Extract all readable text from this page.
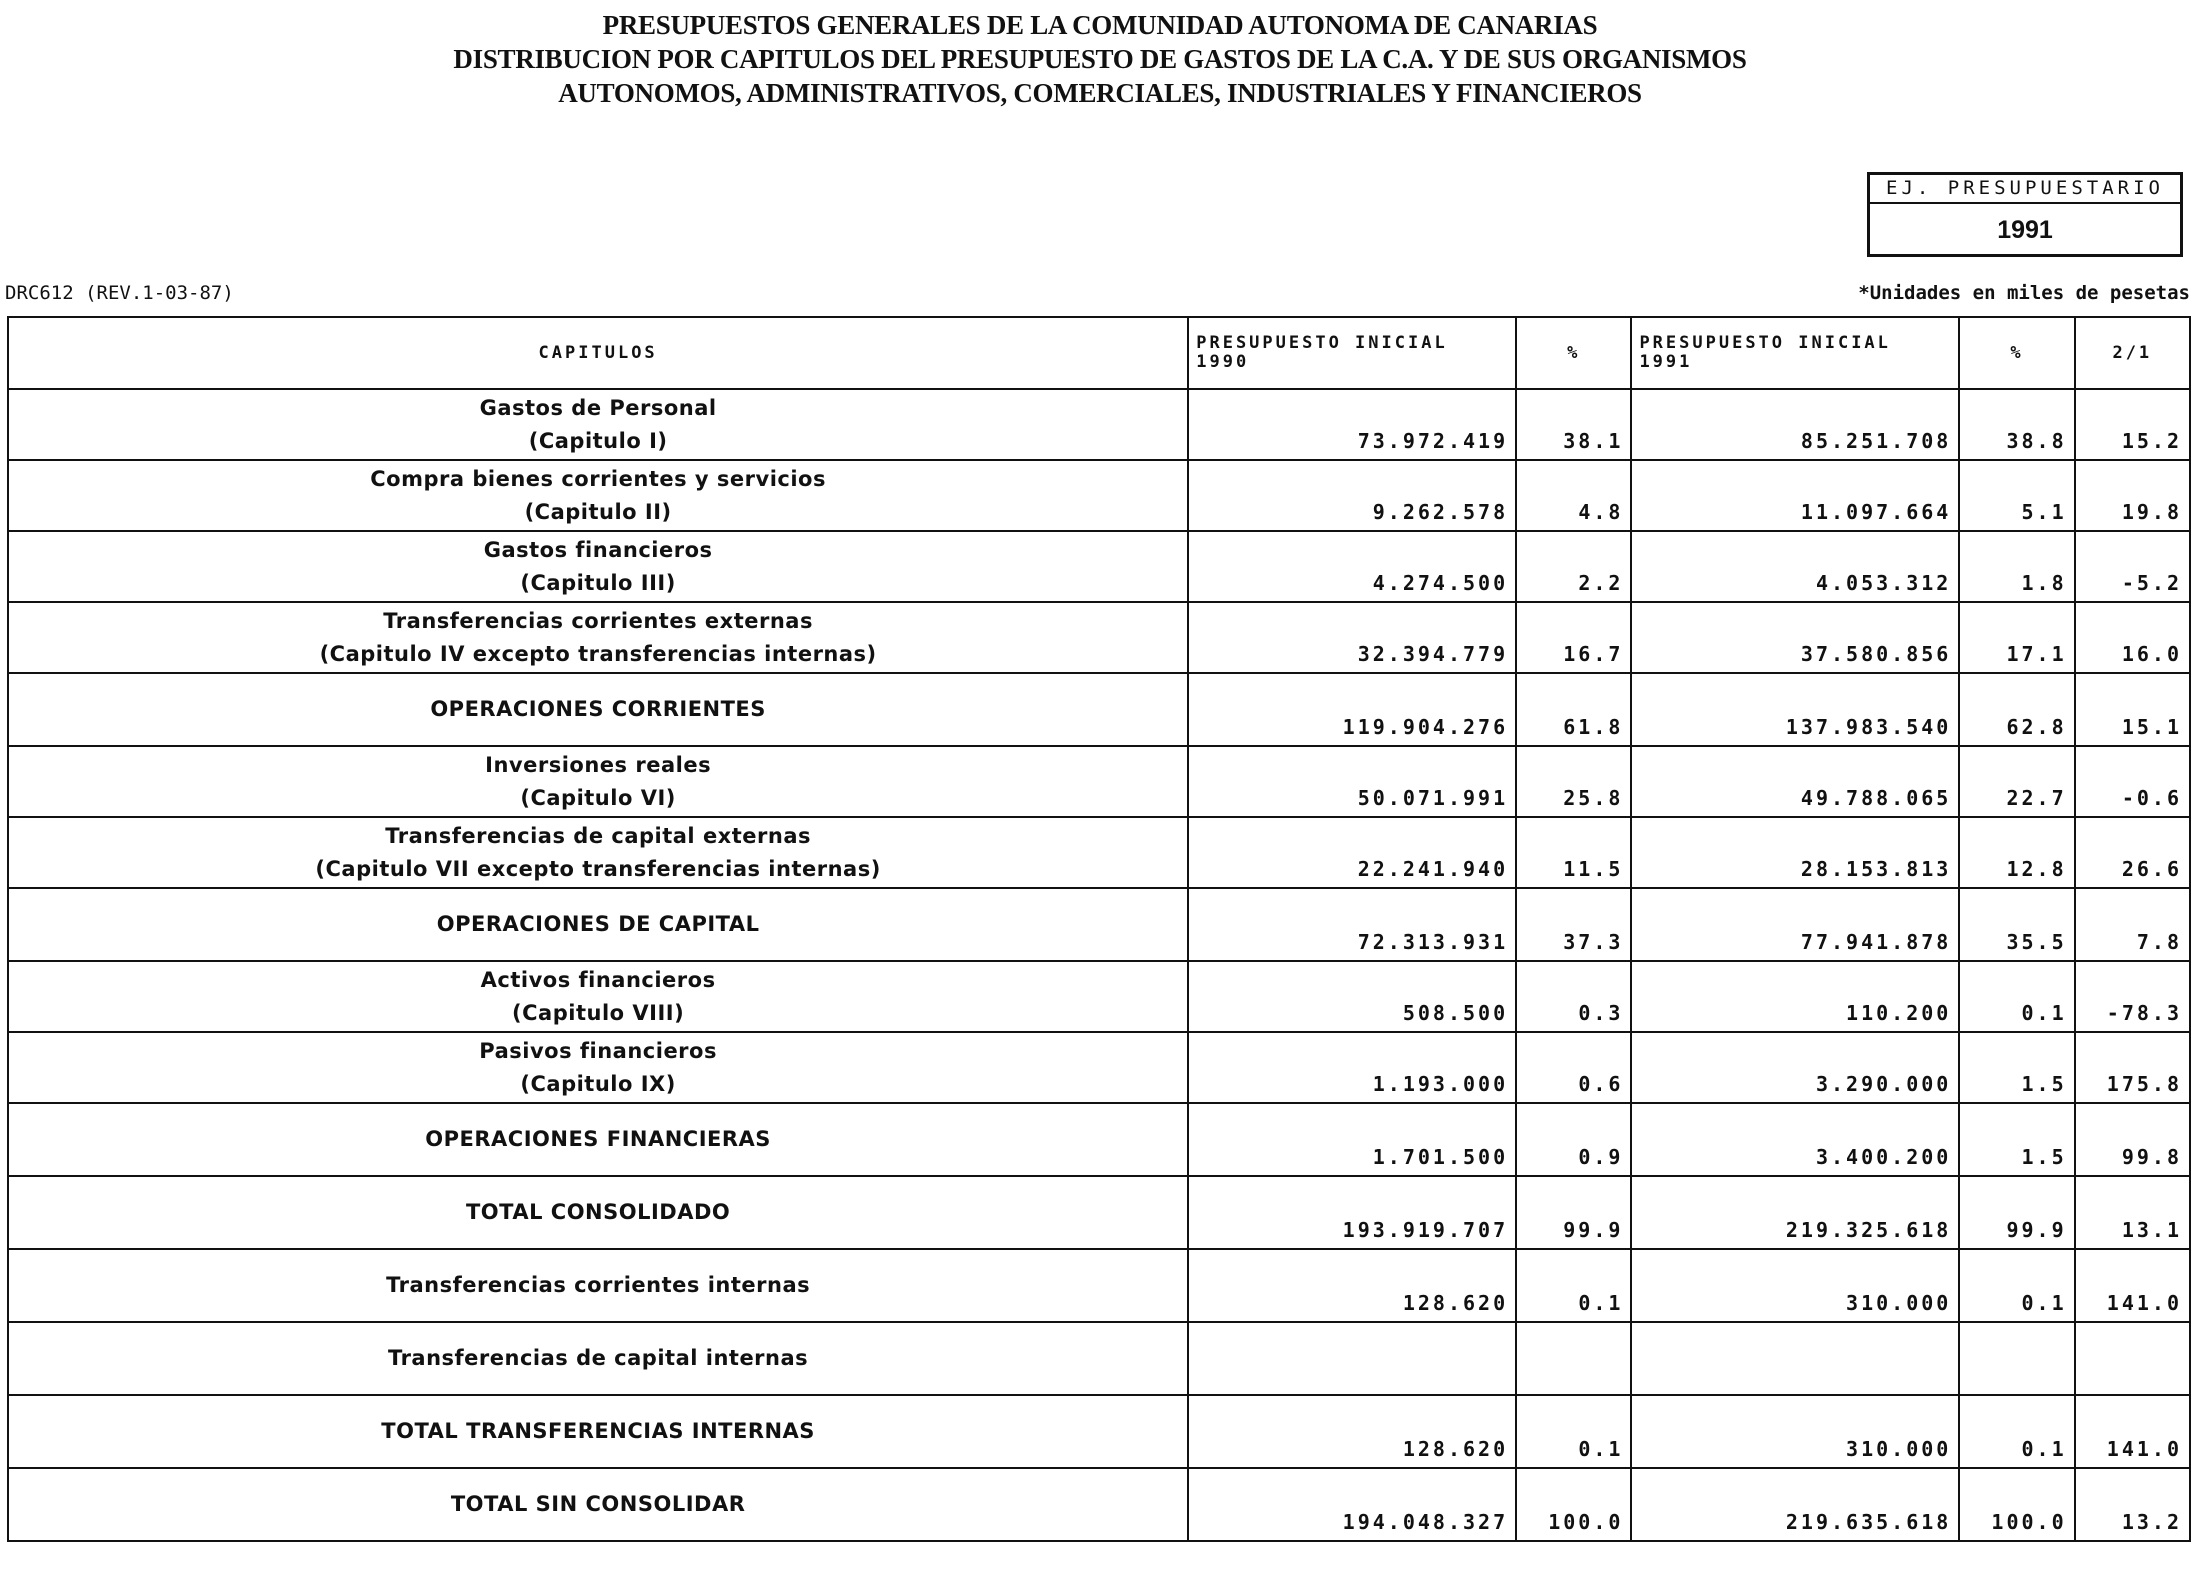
PRESUPUESTOS GENERALES DE LA COMUNIDAD AUTONOMA DE CANARIAS
DISTRIBUCION POR CAPITULOS DEL PRESUPUESTO DE GASTOS DE LA C.A. Y DE SUS ORGANISMOS
AUTONOMOS, ADMINISTRATIVOS, COMERCIALES, INDUSTRIALES Y FINANCIEROS
EJ. PRESUPUESTARIO
1991
DRC612 (REV.1-03-87)	*Unidades en miles de pesetas
CAPITULOS	PRESUPUESTO INICIAL 1990	%	PRESUPUESTO INICIAL 1991	%	2/1

Gastos de Personal
(Capitulo I)	73.972.419	38.1	85.251.708	38.8	15.2

Compra bienes corrientes y servicios
(Capitulo II)	9.262.578	4.8	11.097.664	5.1	19.8

Gastos financieros
(Capitulo III)	4.274.500	2.2	4.053.312	1.8	-5.2

Transferencias corrientes externas
(Capitulo IV excepto transferencias internas)	32.394.779	16.7	37.580.856	17.1	16.0

OPERACIONES CORRIENTES	119.904.276	61.8	137.983.540	62.8	15.1

Inversiones reales
(Capitulo VI)	50.071.991	25.8	49.788.065	22.7	-0.6

Transferencias de capital externas
(Capitulo VII excepto transferencias internas)	22.241.940	11.5	28.153.813	12.8	26.6

OPERACIONES DE CAPITAL	72.313.931	37.3	77.941.878	35.5	7.8

Activos financieros
(Capitulo VIII)	508.500	0.3	110.200	0.1	-78.3

Pasivos financieros
(Capitulo IX)	1.193.000	0.6	3.290.000	1.5	175.8

OPERACIONES FINANCIERAS	1.701.500	0.9	3.400.200	1.5	99.8

TOTAL CONSOLIDADO	193.919.707	99.9	219.325.618	99.9	13.1

Transferencias corrientes internas	128.620	0.1	310.000	0.1	141.0

Transferencias de capital internas					

TOTAL TRANSFERENCIAS INTERNAS	128.620	0.1	310.000	0.1	141.0

TOTAL SIN CONSOLIDAR	194.048.327	100.0	219.635.618	100.0	13.2
